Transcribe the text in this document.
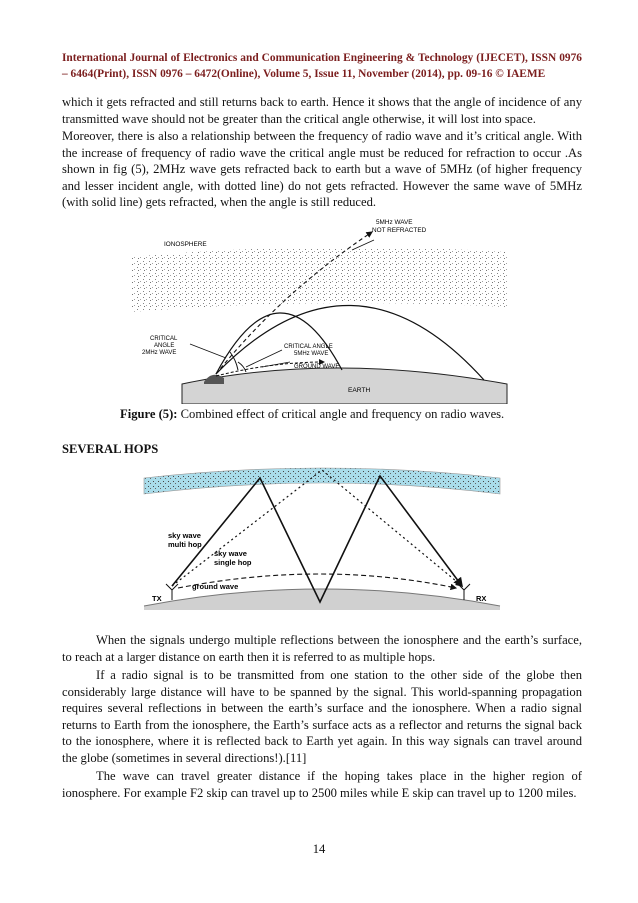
International Journal of Electronics and Communication Engineering & Technology (IJECET), ISSN 0976 – 6464(Print), ISSN 0976 – 6472(Online), Volume 5, Issue 11, November (2014), pp. 09-16 © IAEME

which it gets refracted and still returns back to earth. Hence it shows that the angle of incidence of any transmitted wave should not be greater than the critical angle otherwise, it will lost into space.

Moreover, there is also a relationship between the frequency of radio wave and it’s critical angle. With the increase of frequency of radio wave the critical angle must be reduced for refraction to occur .As shown in fig (5), 2MHz wave gets refracted back to earth but a wave of 5MHz (of higher frequency and lesser incident angle, with dotted line) do not gets refracted. However the same wave of 5MHz (with solid line) gets refracted, when the angle is still reduced.

IONOSPHERE
5MHz WAVE
NOT REFRACTED
CRITICAL
ANGLE
2MHz WAVE
CRITICAL ANGLE
5MHz WAVE
GROUND WAVE
EARTH
Figure (5): Combined effect of critical angle and frequency on radio waves.
SEVERAL HOPS
sky wave
multi hop
sky wave
single hop
ground wave
TX	RX

When the signals undergo multiple reflections between the ionosphere and the earth’s surface, to reach at a larger distance on earth then it is referred to as multiple hops.

If a radio signal is to be transmitted from one station to the other side of the globe then considerably large distance will have to be spanned by the signal. This world-spanning propagation requires several reflections in between the earth’s surface and the ionosphere. When a radio signal returns to Earth from the ionosphere, the Earth’s surface acts as a reflector and returns the signal back to the ionosphere, where it is reflected back to Earth yet again. In this way signals can travel around the globe (sometimes in several directions!).[11]

The wave can travel greater distance if the hoping takes place in the higher region of ionosphere. For example F2 skip can travel up to 2500 miles while E skip can travel up to 1200 miles.

14
